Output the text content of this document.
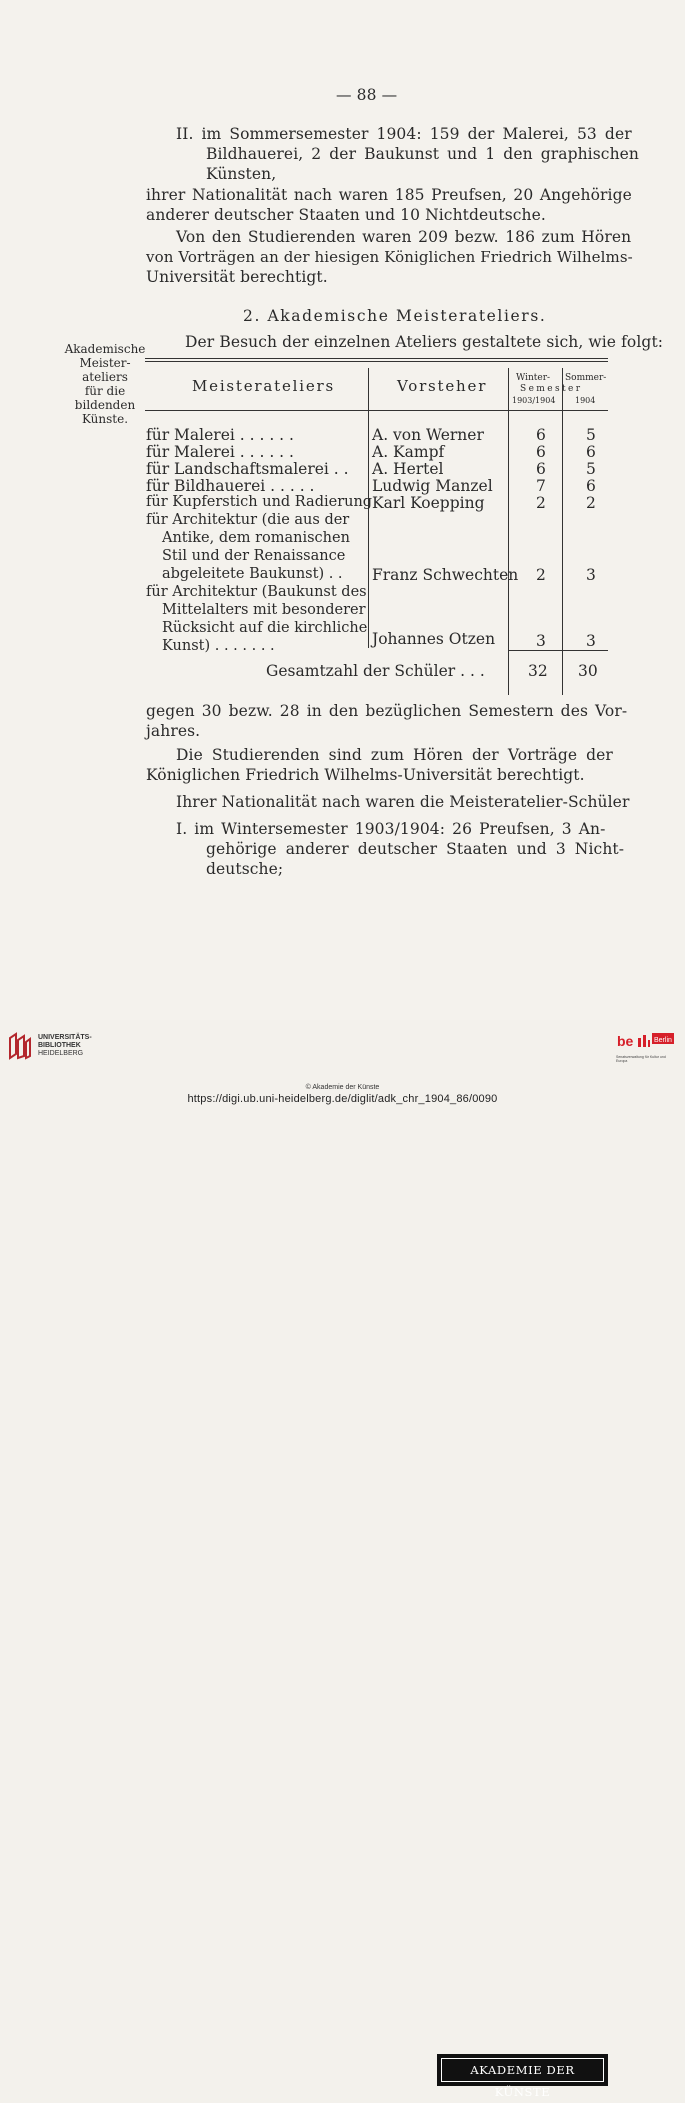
— 88 —
II. im Sommersemester 1904: 159 der Malerei, 53 der
Bildhauerei, 2 der Baukunst und 1 den graphischen
Künsten,
ihrer Nationalität nach waren 185 Preufsen, 20 Angehörige
anderer deutscher Staaten und 10 Nichtdeutsche.
Von den Studierenden waren 209 bezw. 186 zum Hören
von Vorträgen an der hiesigen Königlichen Friedrich Wilhelms-
Universität berechtigt.
2. Akademische Meisterateliers.
Akademische
Meister-
ateliers
für die
bildenden
Künste.
Der Besuch der einzelnen Ateliers gestaltete sich, wie folgt:
Meisterateliers	Vorsteher	Winter- Sommer-
Semester
1903/1904 1904
für Malerei . . . . . .	A. von Werner	6	5
für Malerei . . . . . .	A. Kampf	6	6
für Landschaftsmalerei . . A. Hertel	6	5
für Bildhauerei . . . . .	Ludwig Manzel	7	6
für Kupferstich und Radierung Karl Koepping	2	2
für Architektur (die aus der
Antike, dem romanischen
Stil und der Renaissance
abgeleitete Baukunst) . . Franz Schwechten 2	3
für Architektur (Baukunst des
Mittelalters mit besonderer
Rücksicht auf die kirchliche
Kunst) . . . . . . .	Johannes Otzen	3	3
Gesamtzahl der Schüler . . .	32 30
gegen 30 bezw. 28 in den bezüglichen Semestern des Vor-
jahres.
Die Studierenden sind zum Hören der Vorträge der
Königlichen Friedrich Wilhelms-Universität berechtigt.
Ihrer Nationalität nach waren die Meisteratelier-Schüler
I. im Wintersemester 1903/1904: 26 Preufsen, 3 An-
gehörige anderer deutscher Staaten und 3 Nicht-
deutsche;
UNIVERSITÄTS-
BIBLIOTHEK
HEIDELBERG
AKADEMIE DER KÜNSTE
be	Berlin
Senatsverwaltung für Kultur und Europa
© Akademie der Künste
https://digi.ub.uni-heidelberg.de/diglit/adk_chr_1904_86/0090
